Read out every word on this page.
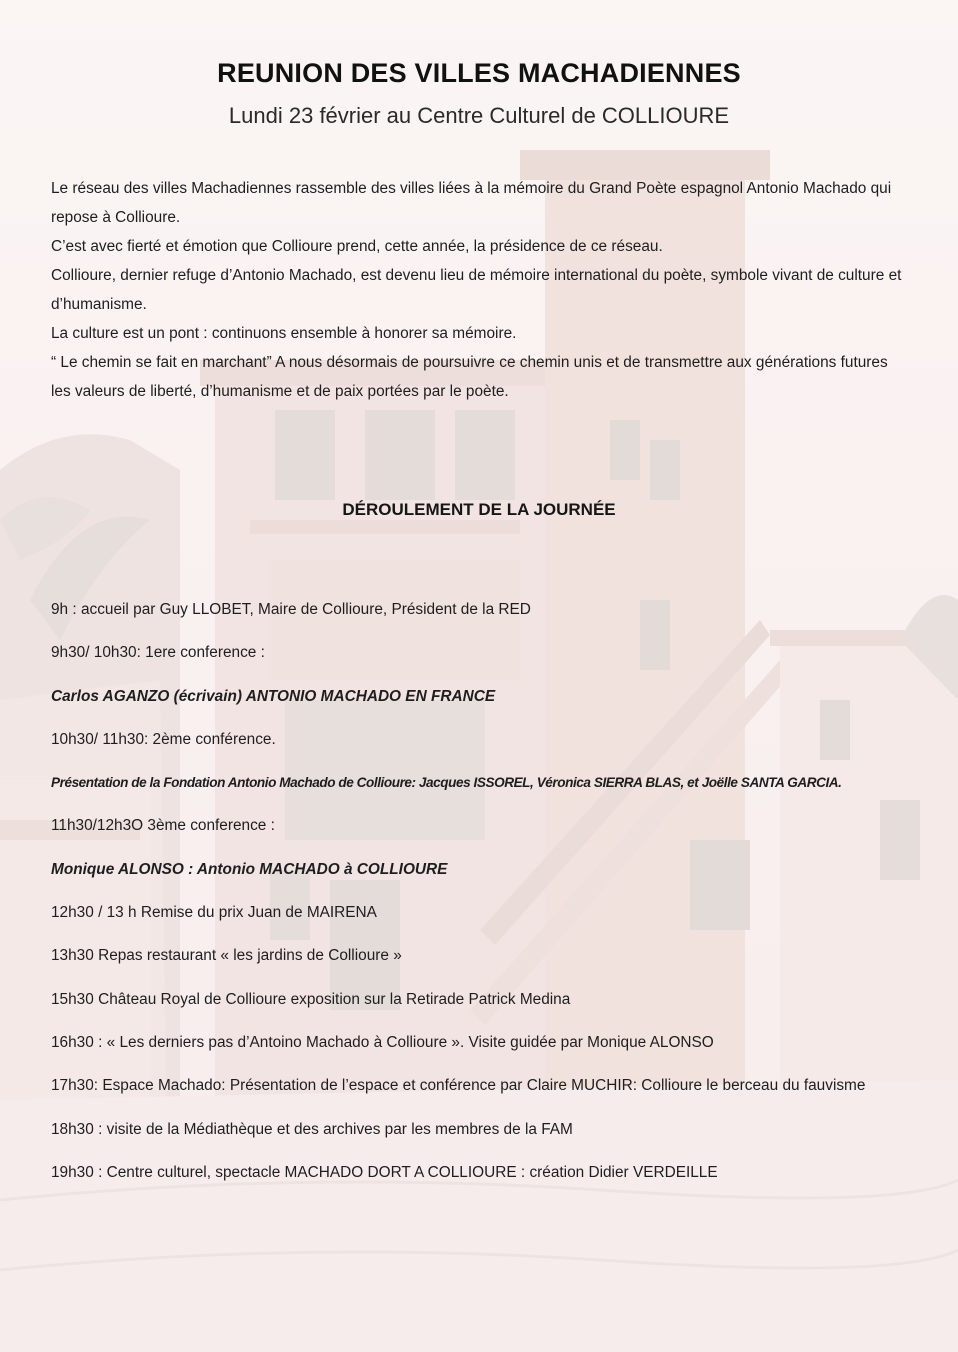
REUNION DES VILLES MACHADIENNES
Lundi 23 février au Centre Culturel de COLLIOURE

Le réseau des villes Machadiennes rassemble des villes liées à la mémoire du Grand Poète espagnol Antonio Machado qui repose à Collioure.

C’est avec fierté et émotion que Collioure prend, cette année, la présidence de ce réseau.

Collioure, dernier refuge d’Antonio Machado, est devenu lieu de mémoire international du poète, symbole vivant de culture et d’humanisme.

La culture est un pont : continuons ensemble à honorer sa mémoire.

“ Le chemin se fait en marchant” A nous désormais de poursuivre ce chemin unis et de transmettre aux générations futures les valeurs de liberté, d’humanisme et de paix portées par le poète.

DÉROULEMENT DE LA JOURNÉE

9h : accueil par Guy LLOBET, Maire de Collioure, Président de la RED

9h30/ 10h30: 1ere conference :

Carlos AGANZO (écrivain) ANTONIO MACHADO EN FRANCE

10h30/ 11h30: 2ème conférence.

Présentation de la Fondation Antonio Machado de Collioure: Jacques ISSOREL, Véronica SIERRA BLAS, et Joëlle SANTA GARCIA.

11h30/12h3O 3ème conference :

Monique ALONSO : Antonio MACHADO à COLLIOURE

12h30 / 13 h Remise du prix Juan de MAIRENA

13h30 Repas restaurant « les jardins de Collioure »

15h30 Château Royal de Collioure exposition sur la Retirade Patrick Medina

16h30 : « Les derniers pas d’Antoino Machado à Collioure ». Visite guidée par Monique ALONSO

17h30: Espace Machado: Présentation de l’espace et conférence par Claire MUCHIR: Collioure le berceau du fauvisme

18h30 : visite de la Médiathèque et des archives par les membres de la FAM

19h30 : Centre culturel, spectacle MACHADO DORT A COLLIOURE : création Didier VERDEILLE
